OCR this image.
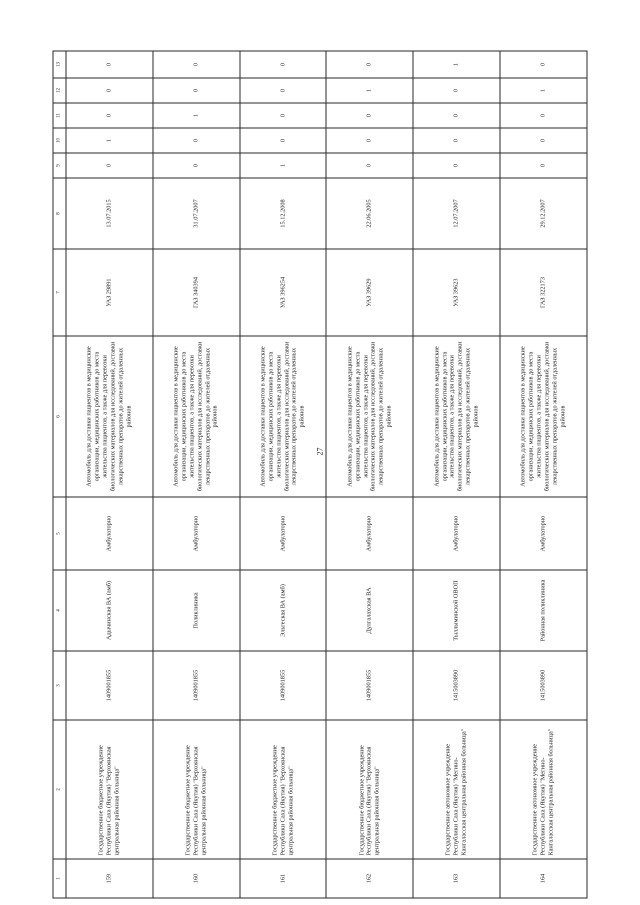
27
1	2	3	4	5	6	7	8	9	10	11	12	13
159	Государственное бюджетное учреждение Республики Саха (Якутия) "Верхоянская центральная районная больница"	1409001855	Адычинская ВА (амб)	Амбулаторно	Автомобиль для доставки пациентов в медицинские организации, медицинских работников до места жительства пациентов, а также для перевозки биологических материалов для исследований, доставки лекарственных препаратов до жителей отдаленных районов	УАЗ 29891	13.07.2015	0	1	0	0	0
160	Государственное бюджетное учреждение Республики Саха (Якутия) "Верхоянская центральная районная больница"	1409001855	Поликлиника	Амбулаторно	Автомобиль для доставки пациентов в медицинские организации, медицинских работников до места жительства пациентов, а также для перевозки биологических материалов для исследований, доставки лекарственных препаратов до жителей отдаленных районов	ГАЗ 340394	31.07.2007	0	0	1	0	0
161	Государственное бюджетное учреждение Республики Саха (Якутия) "Верхоянская центральная районная больница"	1409001855	Эльгеская ВА (амб)	Амбулаторно	Автомобиль для доставки пациентов в медицинские организации, медицинских работников до места жительства пациентов, а также для перевозки биологических материалов для исследований, доставки лекарственных препаратов до жителей отдаленных районов	УАЗ 396254	15.12.2008	1	0	0	0	0
162	Государственное бюджетное учреждение Республики Саха (Якутия) "Верхоянская центральная районная больница"	1409001855	Дулгалахская ВА	Амбулаторно	Автомобиль для доставки пациентов в медицинские организации, медицинских работников до места жительства пациентов, а также для перевозки биологических материалов для исследований, доставки лекарственных препаратов до жителей отдаленных районов	УАЗ 39629	22.06.2005	0	0	0	1	0
163	Государственное автономное учреждение Республики Саха (Якутия) "Мегино-Кангаласская центральная районная больница"	1415003890	Тыллыминской ОВОП	Амбулаторно	Автомобиль для доставки пациентов в медицинские организации, медицинских работников до места жительства пациентов, а также для перевозки биологических материалов для исследований, доставки лекарственных препаратов до жителей отдаленных районов	УАЗ 39623	12.07.2007	0	0	0	0	1
164	Государственное автономное учреждение Республики Саха (Якутия) "Мегино-Кангаласская центральная районная больница"	1415003890	Районная поликлиника	Амбулаторно	Автомобиль для доставки пациентов в медицинские организации, медицинских работников до места жительства пациентов, а также для перевозки биологических материалов для исследований, доставки лекарственных препаратов до жителей отдаленных районов	ГАЗ 322173	29.12.2007	0	0	0	1	0
